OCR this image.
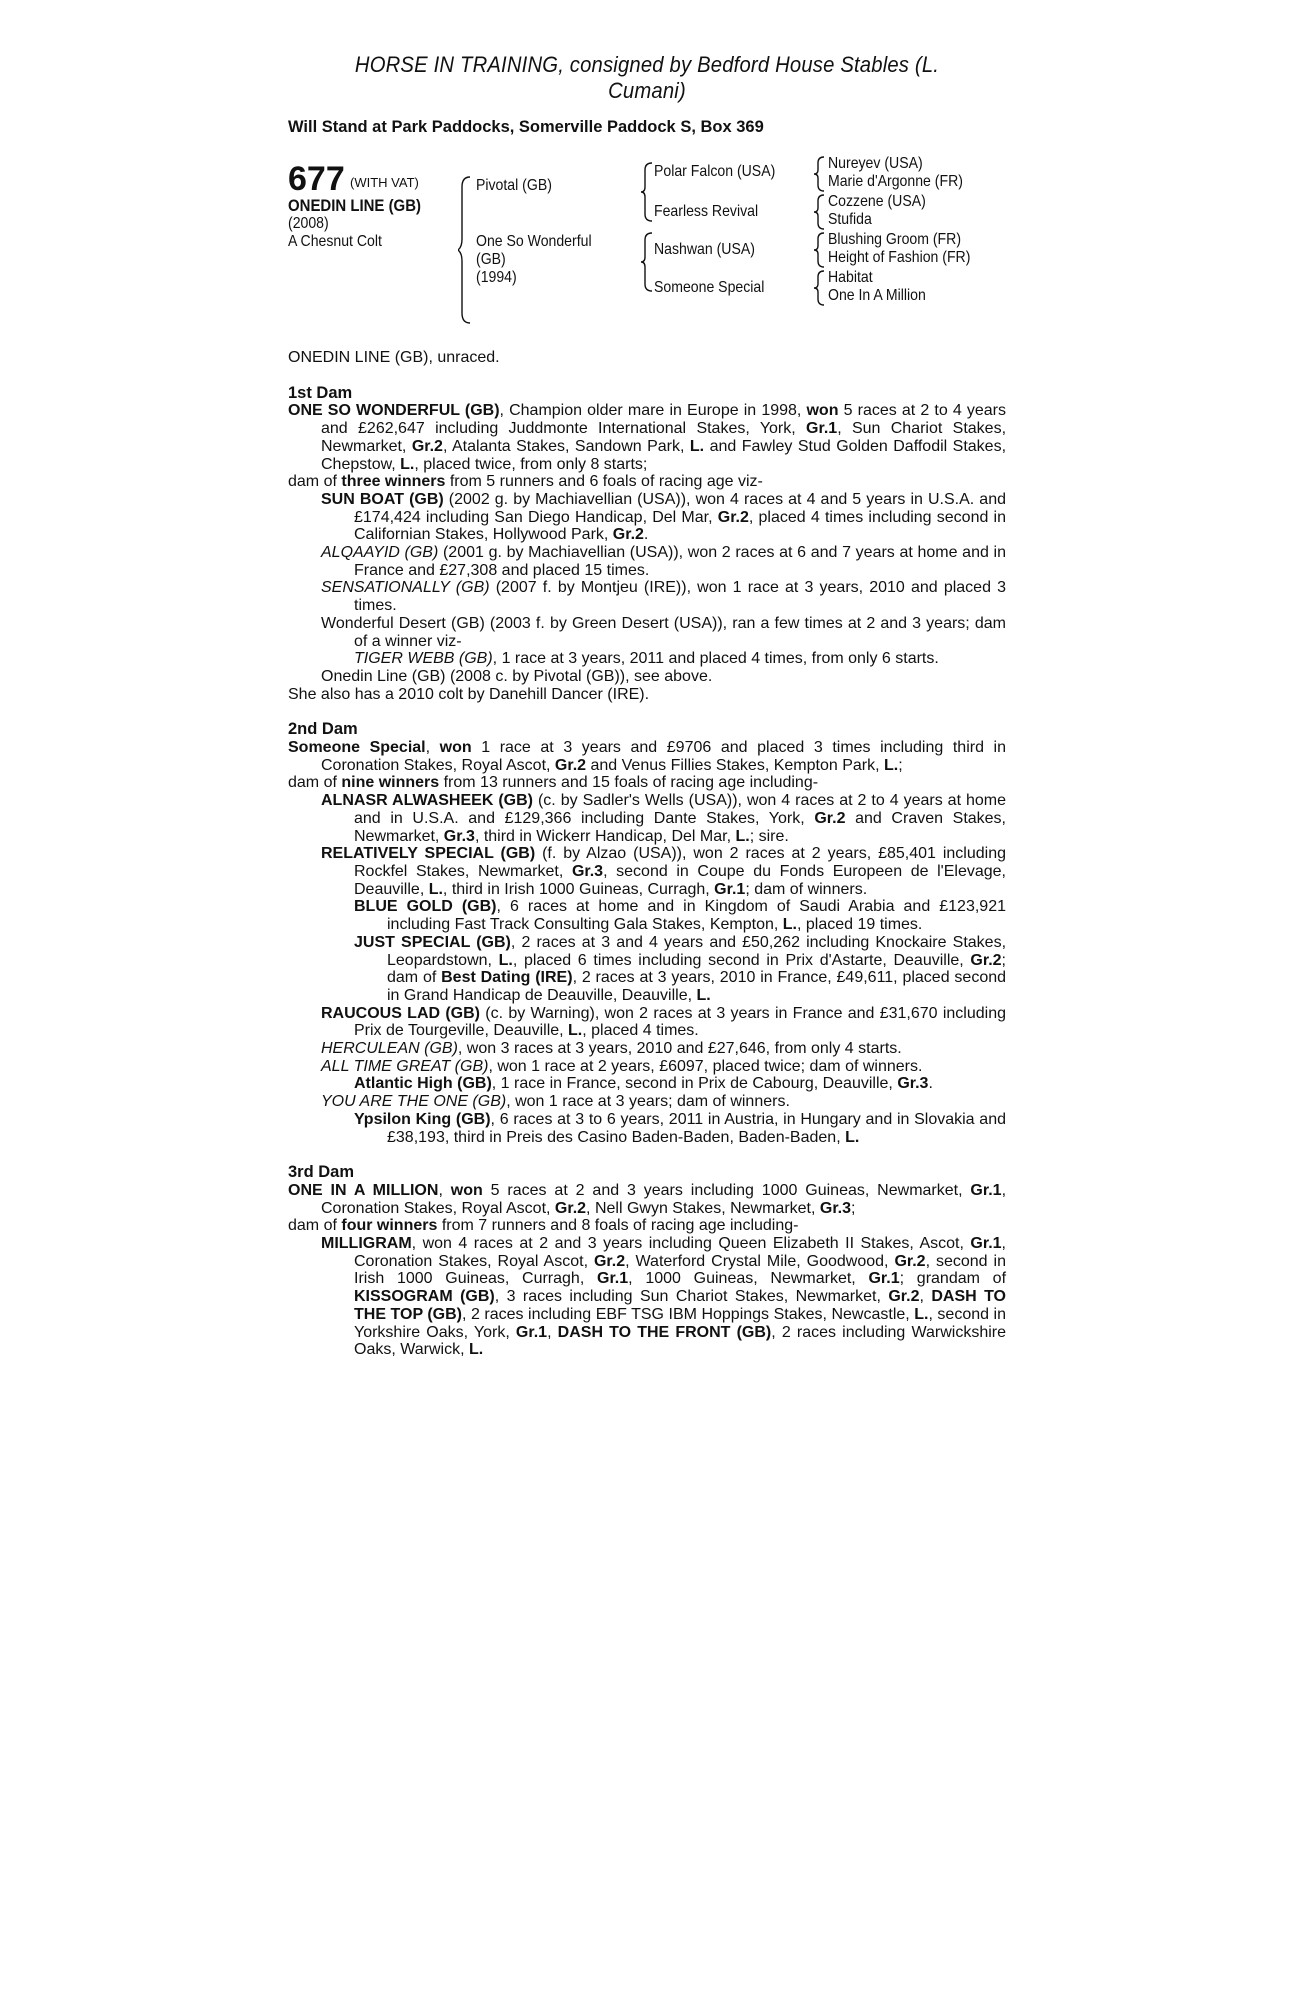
HORSE IN TRAINING, consigned by Bedford House Stables (L. Cumani)
Will Stand at Park Paddocks, Somerville Paddock S, Box 369
677 (WITH VAT)
ONEDIN LINE (GB)
(2008)
A Chesnut Colt
Pivotal (GB)
One So Wonderful
(GB)
(1994)
Polar Falcon (USA)
Fearless Revival
Nashwan (USA)
Someone Special
Nureyev (USA)
Marie d'Argonne (FR)
Cozzene (USA)
Stufida
Blushing Groom (FR)
Height of Fashion (FR)
Habitat
One In A Million

ONEDIN LINE (GB), unraced.

1st Dam

ONE SO WONDERFUL (GB), Champion older mare in Europe in 1998, won 5 races at 2 to 4 years and £262,647 including Juddmonte International Stakes, York, Gr.1, Sun Chariot Stakes, Newmarket, Gr.2, Atalanta Stakes, Sandown Park, L. and Fawley Stud Golden Daffodil Stakes, Chepstow, L., placed twice, from only 8 starts;

dam of three winners from 5 runners and 6 foals of racing age viz-

SUN BOAT (GB) (2002 g. by Machiavellian (USA)), won 4 races at 4 and 5 years in U.S.A. and £174,424 including San Diego Handicap, Del Mar, Gr.2, placed 4 times including second in Californian Stakes, Hollywood Park, Gr.2.

ALQAAYID (GB) (2001 g. by Machiavellian (USA)), won 2 races at 6 and 7 years at home and in France and £27,308 and placed 15 times.

SENSATIONALLY (GB) (2007 f. by Montjeu (IRE)), won 1 race at 3 years, 2010 and placed 3 times.

Wonderful Desert (GB) (2003 f. by Green Desert (USA)), ran a few times at 2 and 3 years; dam of a winner viz-

TIGER WEBB (GB), 1 race at 3 years, 2011 and placed 4 times, from only 6 starts.

Onedin Line (GB) (2008 c. by Pivotal (GB)), see above.

She also has a 2010 colt by Danehill Dancer (IRE).

2nd Dam

Someone Special, won 1 race at 3 years and £9706 and placed 3 times including third in Coronation Stakes, Royal Ascot, Gr.2 and Venus Fillies Stakes, Kempton Park, L.;

dam of nine winners from 13 runners and 15 foals of racing age including-

ALNASR ALWASHEEK (GB) (c. by Sadler's Wells (USA)), won 4 races at 2 to 4 years at home and in U.S.A. and £129,366 including Dante Stakes, York, Gr.2 and Craven Stakes, Newmarket, Gr.3, third in Wickerr Handicap, Del Mar, L.; sire.

RELATIVELY SPECIAL (GB) (f. by Alzao (USA)), won 2 races at 2 years, £85,401 including Rockfel Stakes, Newmarket, Gr.3, second in Coupe du Fonds Europeen de l'Elevage, Deauville, L., third in Irish 1000 Guineas, Curragh, Gr.1; dam of winners.

BLUE GOLD (GB), 6 races at home and in Kingdom of Saudi Arabia and £123,921 including Fast Track Consulting Gala Stakes, Kempton, L., placed 19 times.

JUST SPECIAL (GB), 2 races at 3 and 4 years and £50,262 including Knockaire Stakes, Leopardstown, L., placed 6 times including second in Prix d'Astarte, Deauville, Gr.2; dam of Best Dating (IRE), 2 races at 3 years, 2010 in France, £49,611, placed second in Grand Handicap de Deauville, Deauville, L.

RAUCOUS LAD (GB) (c. by Warning), won 2 races at 3 years in France and £31,670 including Prix de Tourgeville, Deauville, L., placed 4 times.

HERCULEAN (GB), won 3 races at 3 years, 2010 and £27,646, from only 4 starts.

ALL TIME GREAT (GB), won 1 race at 2 years, £6097, placed twice; dam of winners.

Atlantic High (GB), 1 race in France, second in Prix de Cabourg, Deauville, Gr.3.

YOU ARE THE ONE (GB), won 1 race at 3 years; dam of winners.

Ypsilon King (GB), 6 races at 3 to 6 years, 2011 in Austria, in Hungary and in Slovakia and £38,193, third in Preis des Casino Baden-Baden, Baden-Baden, L.

3rd Dam

ONE IN A MILLION, won 5 races at 2 and 3 years including 1000 Guineas, Newmarket, Gr.1, Coronation Stakes, Royal Ascot, Gr.2, Nell Gwyn Stakes, Newmarket, Gr.3;

dam of four winners from 7 runners and 8 foals of racing age including-

MILLIGRAM, won 4 races at 2 and 3 years including Queen Elizabeth II Stakes, Ascot, Gr.1, Coronation Stakes, Royal Ascot, Gr.2, Waterford Crystal Mile, Goodwood, Gr.2, second in Irish 1000 Guineas, Curragh, Gr.1, 1000 Guineas, Newmarket, Gr.1; grandam of KISSOGRAM (GB), 3 races including Sun Chariot Stakes, Newmarket, Gr.2, DASH TO THE TOP (GB), 2 races including EBF TSG IBM Hoppings Stakes, Newcastle, L., second in Yorkshire Oaks, York, Gr.1, DASH TO THE FRONT (GB), 2 races including Warwickshire Oaks, Warwick, L.
